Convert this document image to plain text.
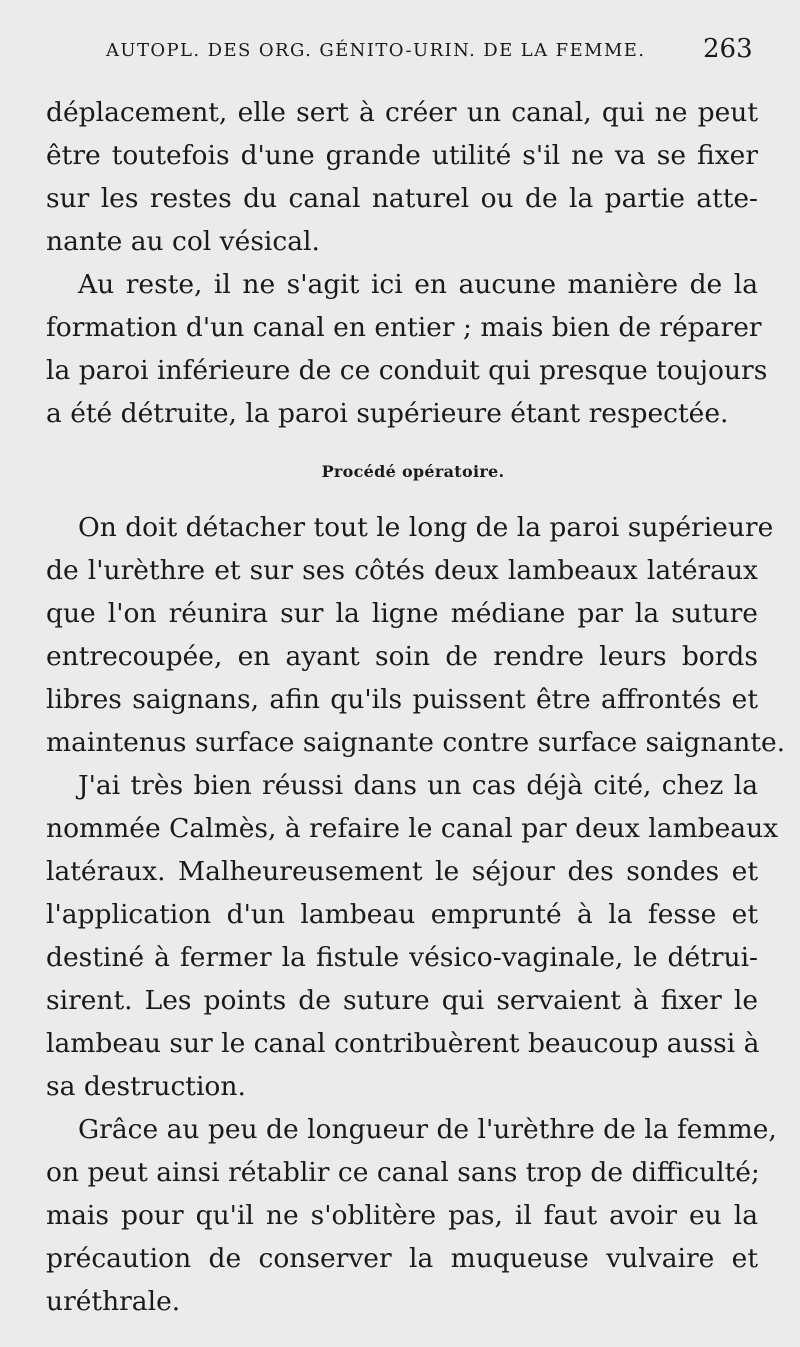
AUTOPL. DES ORG. GÉNITO-URIN. DE LA FEMME. 263
déplacement, elle sert à créer un canal, qui ne peut
être toutefois d'une grande utilité s'il ne va se fixer
sur les restes du canal naturel ou de la partie atte-
nante au col vésical.
Au reste, il ne s'agit ici en aucune manière de la
formation d'un canal en entier ; mais bien de réparer
la paroi inférieure de ce conduit qui presque toujours
a été détruite, la paroi supérieure étant respectée.
Procédé opératoire.
On doit détacher tout le long de la paroi supérieure
de l'urèthre et sur ses côtés deux lambeaux latéraux
que l'on réunira sur la ligne médiane par la suture
entrecoupée, en ayant soin de rendre leurs bords
libres saignans, afin qu'ils puissent être affrontés et
maintenus surface saignante contre surface saignante.
J'ai très bien réussi dans un cas déjà cité, chez la
nommée Calmès, à refaire le canal par deux lambeaux
latéraux. Malheureusement le séjour des sondes et
l'application d'un lambeau emprunté à la fesse et
destiné à fermer la fistule vésico-vaginale, le détrui-
sirent. Les points de suture qui servaient à fixer le
lambeau sur le canal contribuèrent beaucoup aussi à
sa destruction.
Grâce au peu de longueur de l'urèthre de la femme,
on peut ainsi rétablir ce canal sans trop de difficulté;
mais pour qu'il ne s'oblitère pas, il faut avoir eu la
précaution de conserver la muqueuse vulvaire et
uréthrale.
